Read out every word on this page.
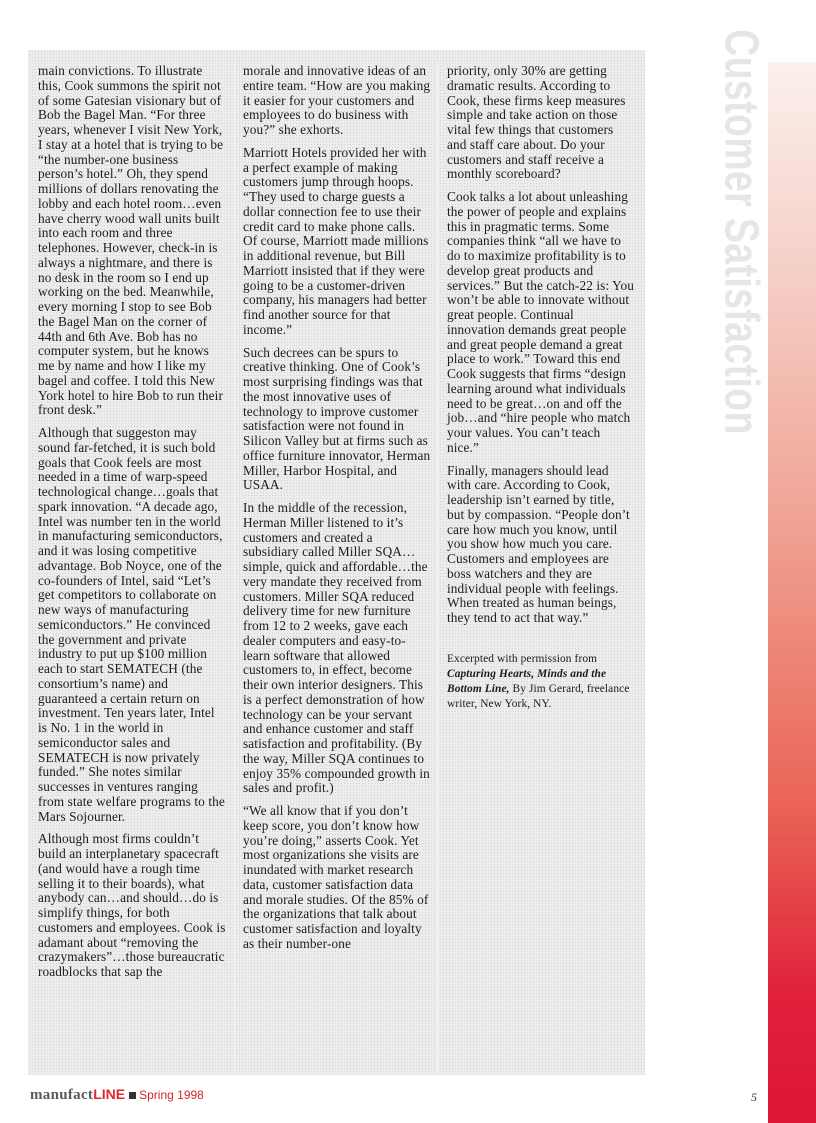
main convictions. To illustrate this, Cook summons the spirit not of some Gatesian visionary but of Bob the Bagel Man. “For three years, whenever I visit New York, I stay at a hotel that is trying to be “the number-one business person’s hotel.” Oh, they spend millions of dollars renovating the lobby and each hotel room…even have cherry wood wall units built into each room and three telephones. However, check-in is always a nightmare, and there is no desk in the room so I end up working on the bed. Meanwhile, every morning I stop to see Bob the Bagel Man on the corner of 44th and 6th Ave. Bob has no computer system, but he knows me by name and how I like my bagel and coffee. I told this New York hotel to hire Bob to run their front desk.”

Although that suggeston may sound far-fetched, it is such bold goals that Cook feels are most needed in a time of warp-speed technological change…goals that spark innovation. “A decade ago, Intel was number ten in the world in manufacturing semiconductors, and it was losing competitive advantage. Bob Noyce, one of the co-founders of Intel, said “Let’s get competitors to collaborate on new ways of manufacturing semiconductors.” He convinced the government and private industry to put up $100 million each to start SEMATECH (the consortium’s name) and guaranteed a certain return on investment. Ten years later, Intel is No. 1 in the world in semiconductor sales and SEMATECH is now privately funded.” She notes similar successes in ventures ranging from state welfare programs to the Mars Sojourner.

Although most firms couldn’t build an interplanetary spacecraft (and would have a rough time selling it to their boards), what anybody can…and should…do is simplify things, for both customers and employees. Cook is adamant about “removing the crazymakers”…those bureaucratic roadblocks that sap the

morale and innovative ideas of an entire team. “How are you making it easier for your customers and employees to do business with you?” she exhorts.

Marriott Hotels provided her with a perfect example of making customers jump through hoops. “They used to charge guests a dollar connection fee to use their credit card to make phone calls. Of course, Marriott made millions in additional revenue, but Bill Marriott insisted that if they were going to be a customer-driven company, his managers had better find another source for that income.”

Such decrees can be spurs to creative thinking. One of Cook’s most surprising findings was that the most innovative uses of technology to improve customer satisfaction were not found in Silicon Valley but at firms such as office furniture innovator, Herman Miller, Harbor Hospital, and USAA.

In the middle of the recession, Herman Miller listened to it’s customers and created a subsidiary called Miller SQA…simple, quick and affordable…the very mandate they received from customers. Miller SQA reduced delivery time for new furniture from 12 to 2 weeks, gave each dealer computers and easy-to-learn software that allowed customers to, in effect, become their own interior designers. This is a perfect demonstration of how technology can be your servant and enhance customer and staff satisfaction and profitability. (By the way, Miller SQA continues to enjoy 35% compounded growth in sales and profit.)

“We all know that if you don’t keep score, you don’t know how you’re doing,” asserts Cook. Yet most organizations she visits are inundated with market research data, customer satisfaction data and morale studies. Of the 85% of the organizations that talk about customer satisfaction and loyalty as their number-one

priority, only 30% are getting dramatic results. According to Cook, these firms keep measures simple and take action on those vital few things that customers and staff care about. Do your customers and staff receive a monthly scoreboard?

Cook talks a lot about unleashing the power of people and explains this in pragmatic terms. Some companies think “all we have to do to maximize profitability is to develop great products and services.” But the catch-22 is: You won’t be able to innovate without great people. Continual innovation demands great people and great people demand a great place to work.” Toward this end Cook suggests that firms “design learning around what individuals need to be great…on and off the job…and “hire people who match your values. You can’t teach nice.”

Finally, managers should lead with care. According to Cook, leadership isn’t earned by title, but by compassion. “People don’t care how much you know, until you show how much you care. Customers and employees are boss watchers and they are individual people with feelings. When treated as human beings, they tend to act that way.”

Excerpted with permission from Capturing Hearts, Minds and the Bottom Line, By Jim Gerard, freelance writer, New York, NY.
Customer Satisfaction
manufactLINE Spring 1998	5
